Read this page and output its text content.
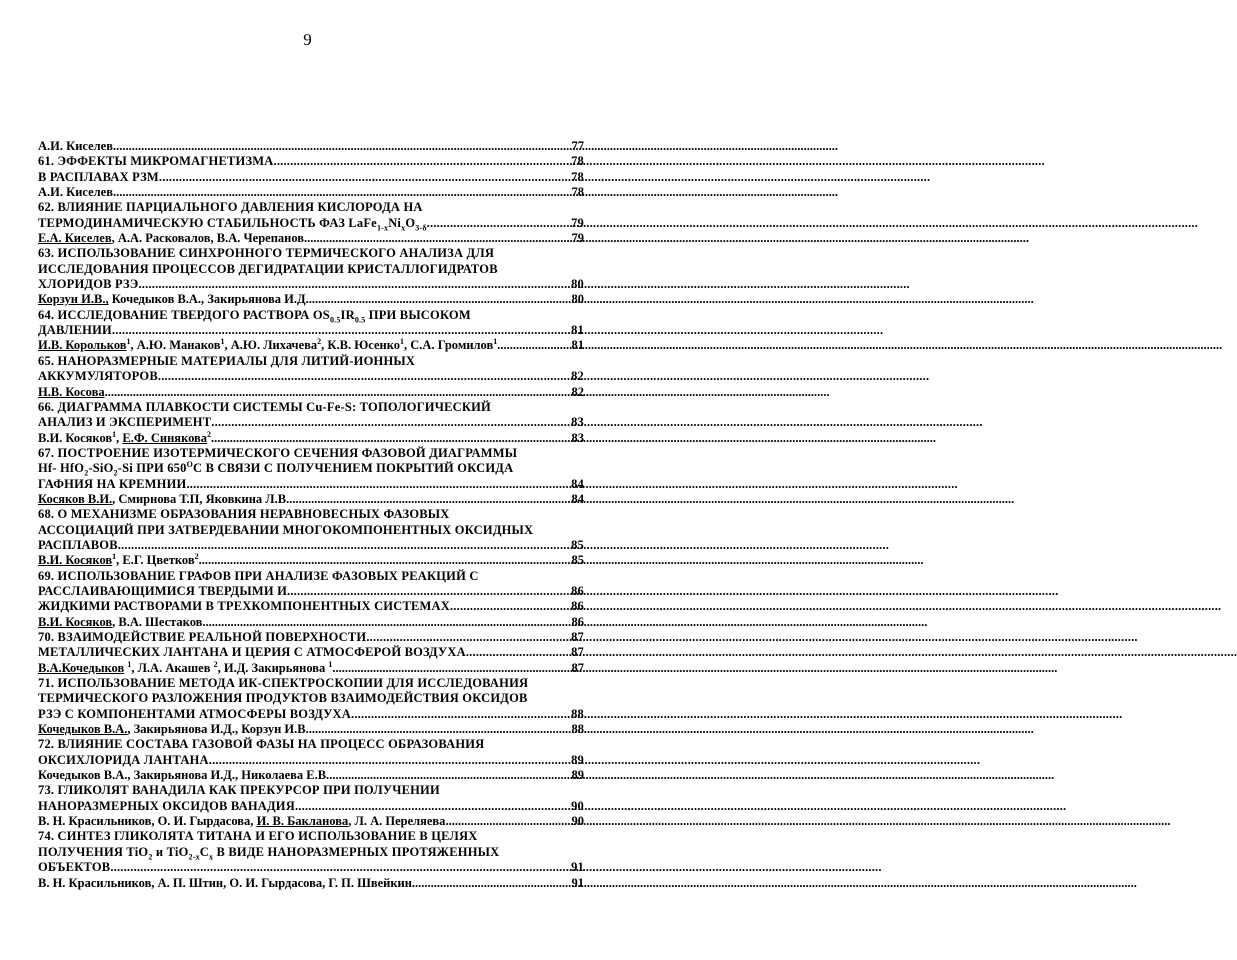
9
А.И. Киселев .....	77
61. ЭФФЕКТЫ МИКРОМАГНЕТИЗМА .....	78
В РАСПЛАВАХ РЗМ .....	78
А.И. Киселев .....	78
62. ВЛИЯНИЕ ПАРЦИАЛЬНОГО ДАВЛЕНИЯ КИСЛОРОДА НА
ТЕРМОДИНАМИЧЕСКУЮ СТАБИЛЬНОСТЬ ФАЗ $LaFe_{1-x}Ni_xO_{3-\delta}$ .....	79
Е.А. Киселев, А.А. Расковалов, В.А. Черепанов .....	79
63. ИСПОЛЬЗОВАНИЕ СИНХРОННОГО ТЕРМИЧЕСКОГО АНАЛИЗА ДЛЯ
ИССЛЕДОВАНИЯ ПРОЦЕССОВ ДЕГИДРАТАЦИИ КРИСТАЛЛОГИДРАТОВ
ХЛОРИДОВ РЗЭ .....	80
Корзун И.В., Кочедыков В.А., Закирьянова И.Д. .....	80
64. ИССЛЕДОВАНИЕ ТВЕРДОГО РАСТВОРА $OS_{0.5}IR_{0.5}$ ПРИ ВЫСОКОМ
ДАВЛЕНИИ .....	81
И.В. Корольков$^1$, А.Ю. Манаков$^1$, А.Ю. Лихачева$^2$, К.В. Юсенко$^1$, С.А. Громилов$^1$ .....	81
65. НАНОРАЗМЕРНЫЕ МАТЕРИАЛЫ ДЛЯ ЛИТИЙ-ИОННЫХ
АККУМУЛЯТОРОВ .....	82
Н.В. Косова .....	82
66. ДИАГРАММА ПЛАВКОСТИ СИСТЕМЫ Cu-Fe-S: ТОПОЛОГИЧЕСКИЙ
АНАЛИЗ И ЭКСПЕРИМЕНТ .....	83
В.И. Косяков$^1$, Е.Ф. Синякова$^2$ .....	83
67. ПОСТРОЕНИЕ ИЗОТЕРМИЧЕСКОГО СЕЧЕНИЯ ФАЗОВОЙ ДИАГРАММЫ
Hf- HfO$_2$-SiO$_2$-Si ПРИ $650^OС$ В СВЯЗИ С ПОЛУЧЕНИЕМ ПОКРЫТИЙ ОКСИДА
ГАФНИЯ НА КРЕМНИИ .....	84
Косяков В.И., Смирнова Т.П, Яковкина Л.В. .....	84
68. О МЕХАНИЗМЕ ОБРАЗОВАНИЯ НЕРАВНОВЕСНЫХ ФАЗОВЫХ
АССОЦИАЦИЙ ПРИ ЗАТВЕРДЕВАНИИ МНОГОКОМПОНЕНТНЫХ ОКСИДНЫХ
РАСПЛАВОВ .....	85
В.И. Косяков$^1$, Е.Г. Цветков$^2$ .....	85
69. ИСПОЛЬЗОВАНИЕ ГРАФОВ ПРИ АНАЛИЗЕ ФАЗОВЫХ РЕАКЦИЙ С
РАССЛАИВАЮЩИМИСЯ ТВЕРДЫМИ И .....	86
ЖИДКИМИ РАСТВОРАМИ В ТРЕХКОМПОНЕНТНЫХ СИСТЕМАХ .....	86
В.И. Косяков, В.А. Шестаков .....	86
70. ВЗАИМОДЕЙСТВИЕ РЕАЛЬНОЙ ПОВЕРХНОСТИ .....	87
МЕТАЛЛИЧЕСКИХ ЛАНТАНА И ЦЕРИЯ С АТМОСФЕРОЙ ВОЗДУХА .....	87
В.А.Кочедыков $^1$, Л.А. Акашев $^2$, И.Д. Закирьянова $^1$ .....	87
71. ИСПОЛЬЗОВАНИЕ МЕТОДА ИК-СПЕКТРОСКОПИИ ДЛЯ ИССЛЕДОВАНИЯ
ТЕРМИЧЕСКОГО РАЗЛОЖЕНИЯ ПРОДУКТОВ ВЗАИМОДЕЙСТВИЯ ОКСИДОВ
РЗЭ С КОМПОНЕНТАМИ АТМОСФЕРЫ ВОЗДУХА .....	88
Кочедыков В.А., Закирьянова И.Д., Корзун И.В. .....	88
72. ВЛИЯНИЕ СОСТАВА ГАЗОВОЙ ФАЗЫ НА ПРОЦЕСС ОБРАЗОВАНИЯ
ОКСИХЛОРИДА ЛАНТАНА .....	89
Кочедыков В.А., Закирьянова И.Д., Николаева Е.В. .....	89
73. ГЛИКОЛЯТ ВАНАДИЛА КАК ПРЕКУРСОР ПРИ ПОЛУЧЕНИИ
НАНОРАЗМЕРНЫХ ОКСИДОВ ВАНАДИЯ .....	90
В. Н. Красильников, О. И. Гырдасова, И. В. Бакланова, Л. А. Переляева .....	90
74. СИНТЕЗ ГЛИКОЛЯТА ТИТАНА И ЕГО ИСПОЛЬЗОВАНИЕ В ЦЕЛЯХ
ПОЛУЧЕНИЯ TiO$_2$ и $TiO_{2-x}C_x$ В ВИДЕ НАНОРАЗМЕРНЫХ ПРОТЯЖЕННЫХ
ОБЪЕКТОВ .....	91
В. Н. Красильников, А. П. Штин, О. И. Гырдасова, Г. П. Швейкин .....	91
